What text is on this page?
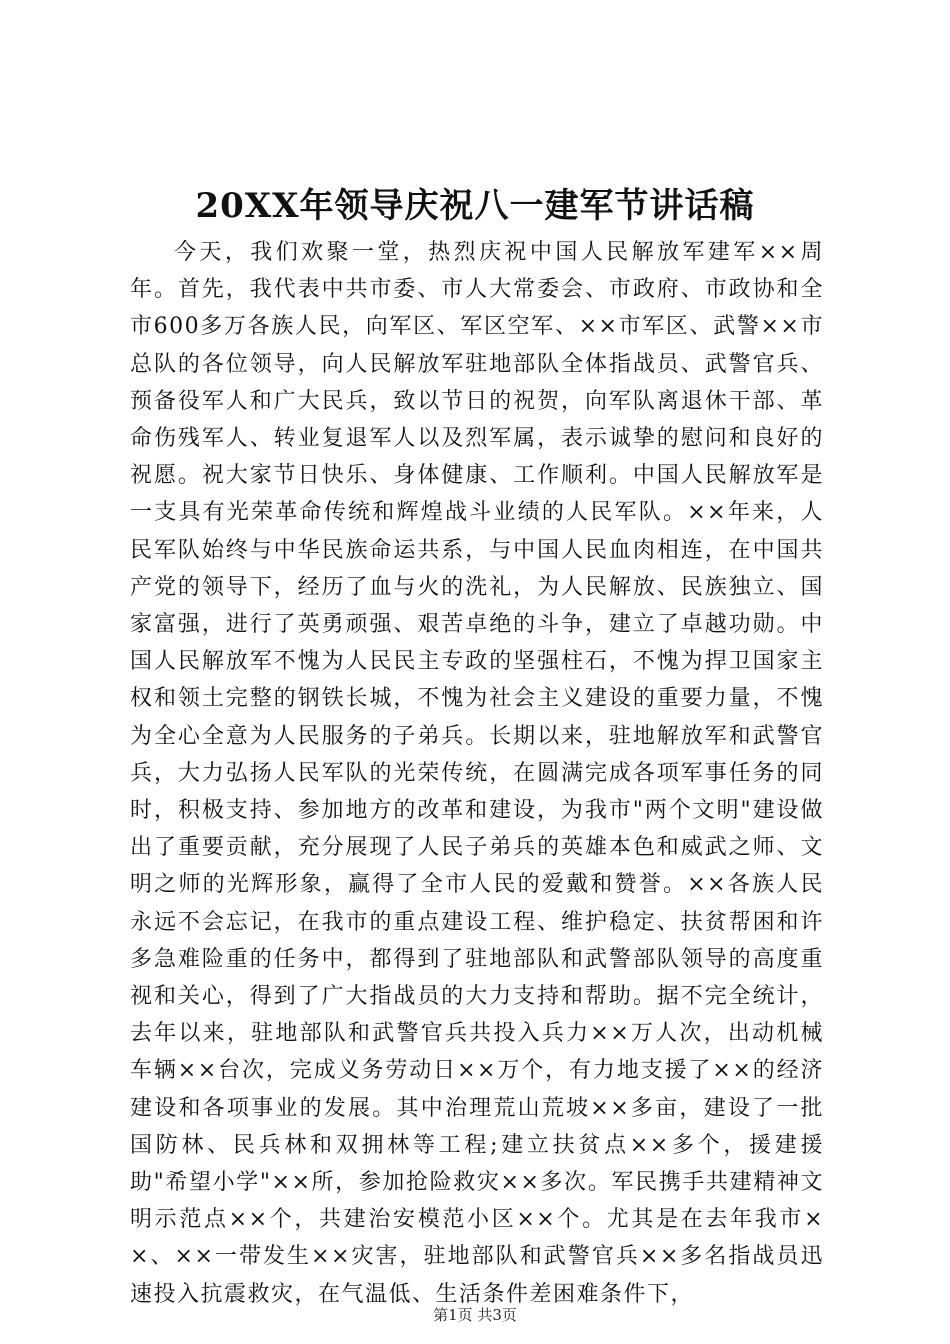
20XX年领导庆祝八一建军节讲话稿

今天，我们欢聚一堂，热烈庆祝中国人民解放军建军××周年。首先，我代表中共市委、市人大常委会、市政府、市政协和全市600多万各族人民，向军区、军区空军、××市军区、武警××市总队的各位领导，向人民解放军驻地部队全体指战员、武警官兵、预备役军人和广大民兵，致以节日的祝贺，向军队离退休干部、革命伤残军人、转业复退军人以及烈军属，表示诚挚的慰问和良好的祝愿。祝大家节日快乐、身体健康、工作顺利。中国人民解放军是一支具有光荣革命传统和辉煌战斗业绩的人民军队。××年来，人民军队始终与中华民族命运共系，与中国人民血肉相连，在中国共产党的领导下，经历了血与火的洗礼，为人民解放、民族独立、国家富强，进行了英勇顽强、艰苦卓绝的斗争，建立了卓越功勋。中国人民解放军不愧为人民民主专政的坚强柱石，不愧为捍卫国家主权和领土完整的钢铁长城，不愧为社会主义建设的重要力量，不愧为全心全意为人民服务的子弟兵。长期以来，驻地解放军和武警官兵，大力弘扬人民军队的光荣传统，在圆满完成各项军事任务的同时，积极支持、参加地方的改革和建设，为我市"两个文明"建设做出了重要贡献，充分展现了人民子弟兵的英雄本色和威武之师、文明之师的光辉形象，赢得了全市人民的爱戴和赞誉。××各族人民永远不会忘记，在我市的重点建设工程、维护稳定、扶贫帮困和许多急难险重的任务中，都得到了驻地部队和武警部队领导的高度重视和关心，得到了广大指战员的大力支持和帮助。据不完全统计，去年以来，驻地部队和武警官兵共投入兵力××万人次，出动机械车辆××台次，完成义务劳动日××万个，有力地支援了××的经济建设和各项事业的发展。其中治理荒山荒坡××多亩，建设了一批国防林、民兵林和双拥林等工程;建立扶贫点××多个，援建援助"希望小学"××所，参加抢险救灾××多次。军民携手共建精神文明示范点××个，共建治安模范小区××个。尤其是在去年我市××、××一带发生××灾害，驻地部队和武警官兵××多名指战员迅速投入抗震救灾，在气温低、生活条件差困难条件下，

第1页 共3页
